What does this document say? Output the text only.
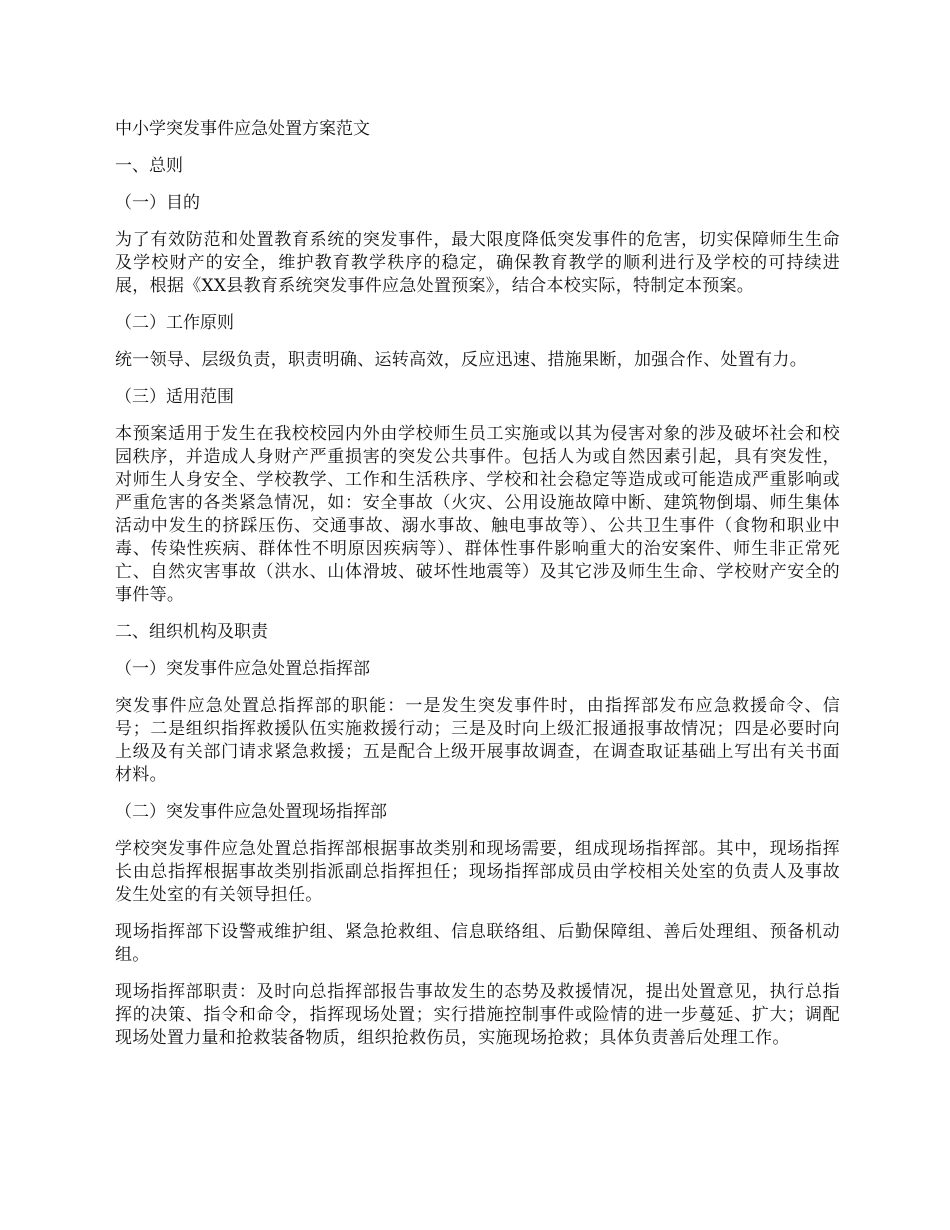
中小学突发事件应急处置方案范文
一、总则
（一）目的
为了有效防范和处置教育系统的突发事件，最大限度降低突发事件的危害，切实保障师生生命及学校财产的安全，维护教育教学秩序的稳定，确保教育教学的顺利进行及学校的可持续进展，根据《XX县教育系统突发事件应急处置预案》，结合本校实际，特制定本预案。
（二）工作原则
统一领导、层级负责，职责明确、运转高效，反应迅速、措施果断，加强合作、处置有力。
（三）适用范围
本预案适用于发生在我校校园内外由学校师生员工实施或以其为侵害对象的涉及破坏社会和校园秩序，并造成人身财产严重损害的突发公共事件。包括人为或自然因素引起，具有突发性，对师生人身安全、学校教学、工作和生活秩序、学校和社会稳定等造成或可能造成严重影响或严重危害的各类紧急情况，如：安全事故（火灾、公用设施故障中断、建筑物倒塌、师生集体活动中发生的挤踩压伤、交通事故、溺水事故、触电事故等）、公共卫生事件（食物和职业中毒、传染性疾病、群体性不明原因疾病等）、群体性事件影响重大的治安案件、师生非正常死亡、自然灾害事故（洪水、山体滑坡、破坏性地震等）及其它涉及师生生命、学校财产安全的事件等。
二、组织机构及职责
（一）突发事件应急处置总指挥部
突发事件应急处置总指挥部的职能：一是发生突发事件时，由指挥部发布应急救援命令、信号；二是组织指挥救援队伍实施救援行动；三是及时向上级汇报通报事故情况；四是必要时向上级及有关部门请求紧急救援；五是配合上级开展事故调查，在调查取证基础上写出有关书面材料。
（二）突发事件应急处置现场指挥部
学校突发事件应急处置总指挥部根据事故类别和现场需要，组成现场指挥部。其中，现场指挥长由总指挥根据事故类别指派副总指挥担任；现场指挥部成员由学校相关处室的负责人及事故发生处室的有关领导担任。
现场指挥部下设警戒维护组、紧急抢救组、信息联络组、后勤保障组、善后处理组、预备机动组。
现场指挥部职责：及时向总指挥部报告事故发生的态势及救援情况，提出处置意见，执行总指挥的决策、指令和命令，指挥现场处置；实行措施控制事件或险情的进一步蔓延、扩大；调配现场处置力量和抢救装备物质，组织抢救伤员，实施现场抢救；具体负责善后处理工作。
